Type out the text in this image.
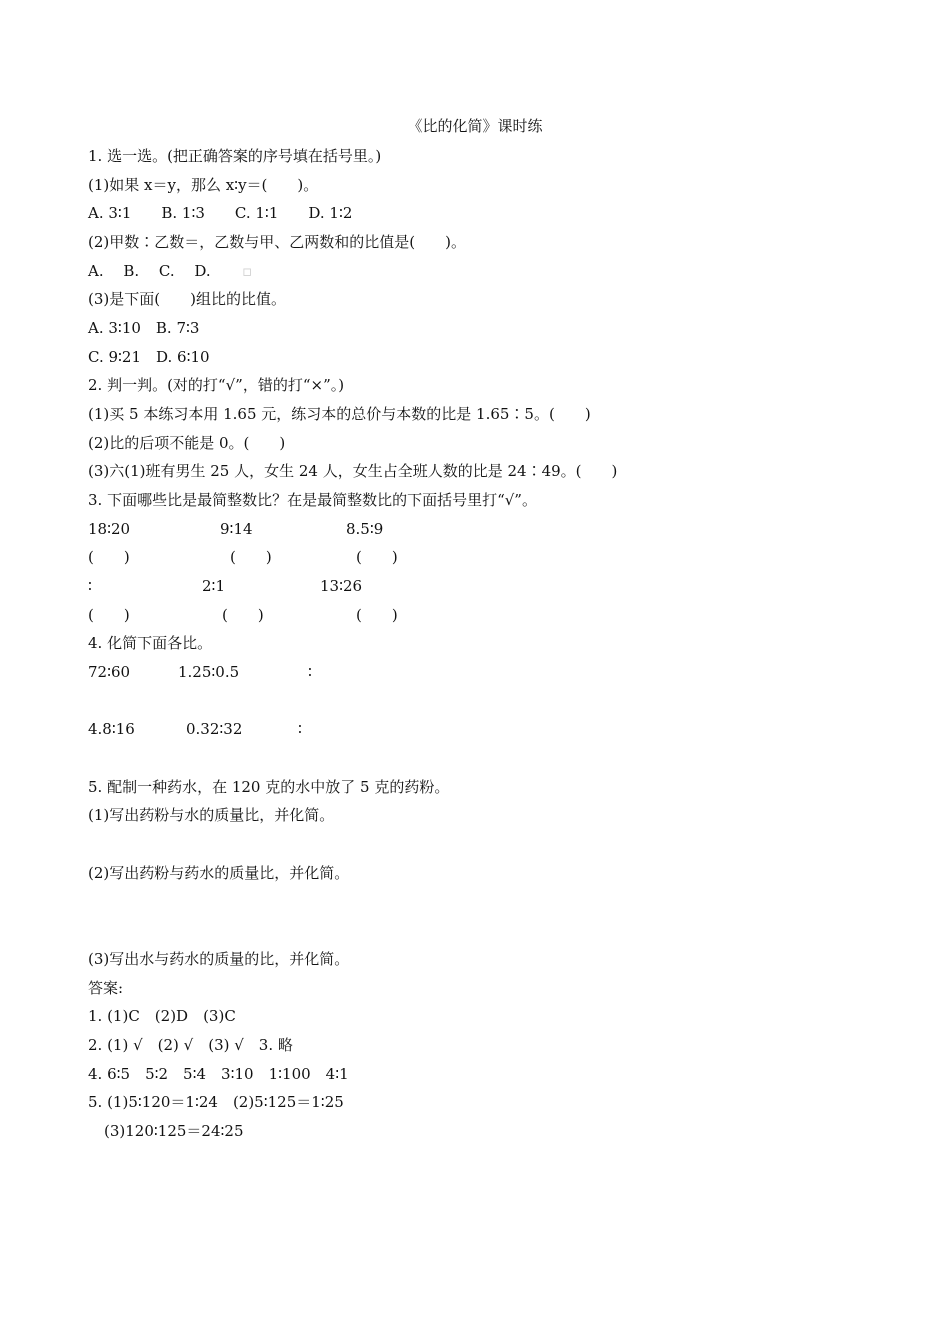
《比的化简》课时练
1. 选一选。(把正确答案的序号填在括号里。)
(1)如果 x＝y，那么 x∶y＝(　　)。
A. 3∶1　　B. 1∶3　　C. 1∶1　　D. 1∶2
(2)甲数∶乙数＝，乙数与甲、乙两数和的比值是(　　)。
A.　 B.　 C.　 D. ▫
(3)是下面(　　)组比的比值。
A. 3∶10　B. 7∶3
C. 9∶21　D. 6∶10
2. 判一判。(对的打“√”，错的打“×”。)
(1)买 5 本练习本用 1.65 元，练习本的总价与本数的比是 1.65∶5。(　　)
(2)比的后项不能是 0。(　　)
(3)六(1)班有男生 25 人，女生 24 人，女生占全班人数的比是 24∶49。(　　)
3. 下面哪些比是最简整数比？在是最简整数比的下面括号里打“√”。
18∶20	9∶14	8.5∶9
(　　)	(　　)	(　　)
∶	2∶1	13∶26
(　　)	(　　)	(　　)
4. 化简下面各比。
72∶60	1.25∶0.5	∶
4.8∶16	0.32∶32	∶
5. 配制一种药水，在 120 克的水中放了 5 克的药粉。
(1)写出药粉与水的质量比，并化简。
(2)写出药粉与药水的质量比，并化简。
(3)写出水与药水的质量的比，并化简。
答案:
1. (1)C　(2)D　(3)C
2. (1) √　(2) √　(3) √　3. 略
4. 6∶5　5∶2　5∶4　3∶10　1∶100　4∶1
5. (1)5∶120＝1∶24　(2)5∶125＝1∶25
(3)120∶125＝24∶25
